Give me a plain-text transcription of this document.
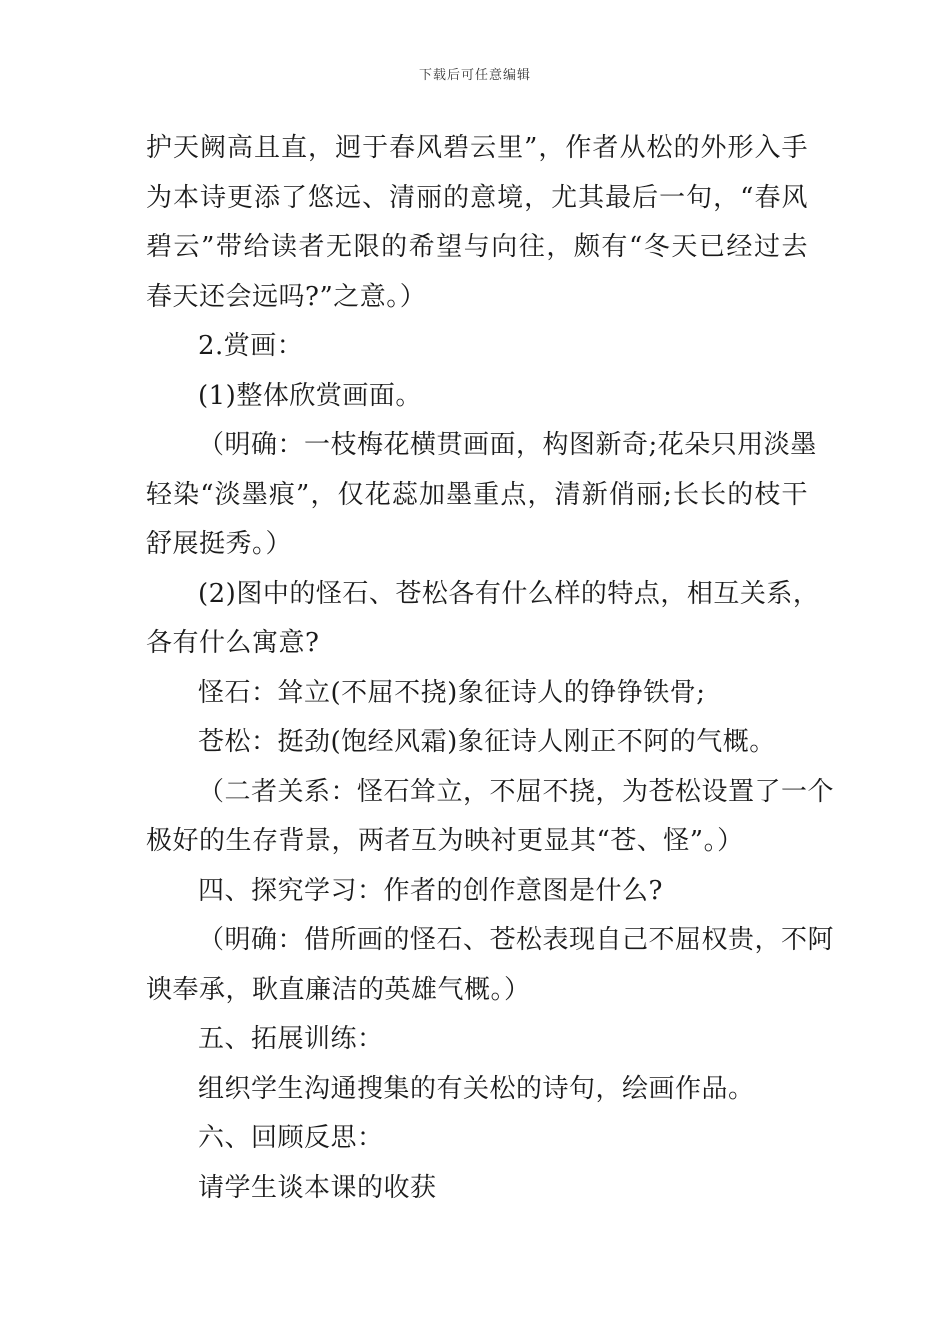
下载后可任意编辑
护天阙高且直，迥于春风碧云里”，作者从松的外形入手
为本诗更添了悠远、清丽的意境，尤其最后一句，“春风
碧云”带给读者无限的希望与向往，颇有“冬天已经过去
春天还会远吗?”之意。）
2.赏画：
(1)整体欣赏画面。
（明确：一枝梅花横贯画面，构图新奇;花朵只用淡墨
轻染“淡墨痕”，仅花蕊加墨重点，清新俏丽;长长的枝干
舒展挺秀。）
(2)图中的怪石、苍松各有什么样的特点，相互关系，
各有什么寓意?
怪石：耸立(不屈不挠)象征诗人的铮铮铁骨;
苍松：挺劲(饱经风霜)象征诗人刚正不阿的气概。
（二者关系：怪石耸立，不屈不挠，为苍松设置了一个
极好的生存背景，两者互为映衬更显其“苍、怪”。）
四、探究学习：作者的创作意图是什么?
（明确：借所画的怪石、苍松表现自己不屈权贵，不阿
谀奉承，耿直廉洁的英雄气概。）
五、拓展训练：
组织学生沟通搜集的有关松的诗句，绘画作品。
六、回顾反思：
请学生谈本课的收获
